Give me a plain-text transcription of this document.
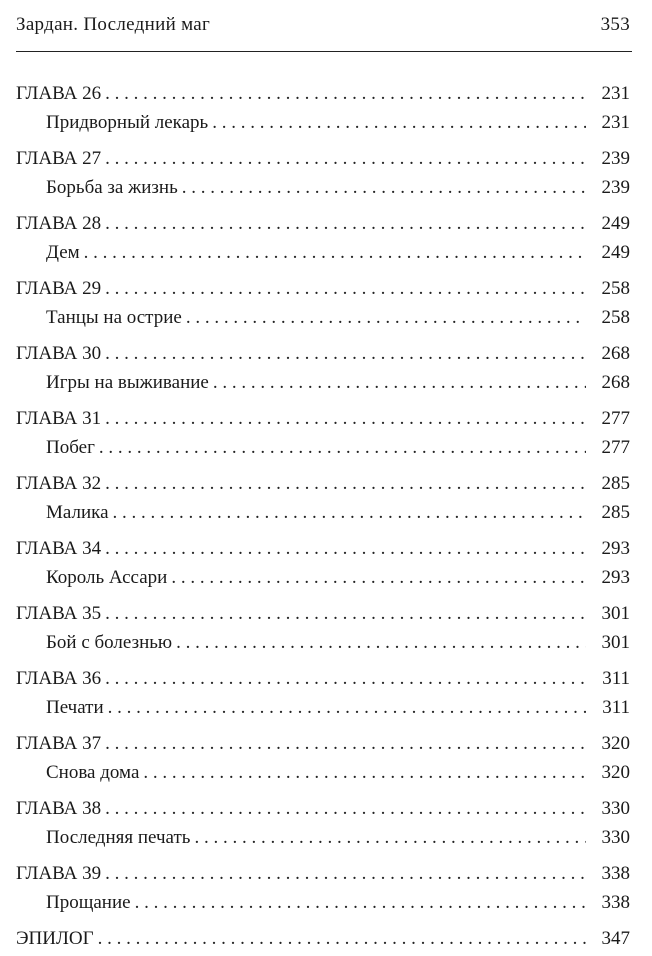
Зардан. Последний маг	353
ГЛАВА 26 . . .	231
Придворный лекарь . . .	231
ГЛАВА 27 . . .	239
Борьба за жизнь . . .	239
ГЛАВА 28 . . .	249
Дем . . .	249
ГЛАВА 29 . . .	258
Танцы на острие . . .	258
ГЛАВА 30 . . .	268
Игры на выживание . . .	268
ГЛАВА 31 . . .	277
Побег . . .	277
ГЛАВА 32 . . .	285
Малика . . .	285
ГЛАВА 34 . . .	293
Король Ассари . . .	293
ГЛАВА 35 . . .	301
Бой с болезнью . . .	301
ГЛАВА 36 . . .	311
Печати . . .	311
ГЛАВА 37 . . .	320
Снова дома . . .	320
ГЛАВА 38 . . .	330
Последняя печать . . .	330
ГЛАВА 39 . . .	338
Прощание . . .	338
ЭПИЛОГ . . .	347
